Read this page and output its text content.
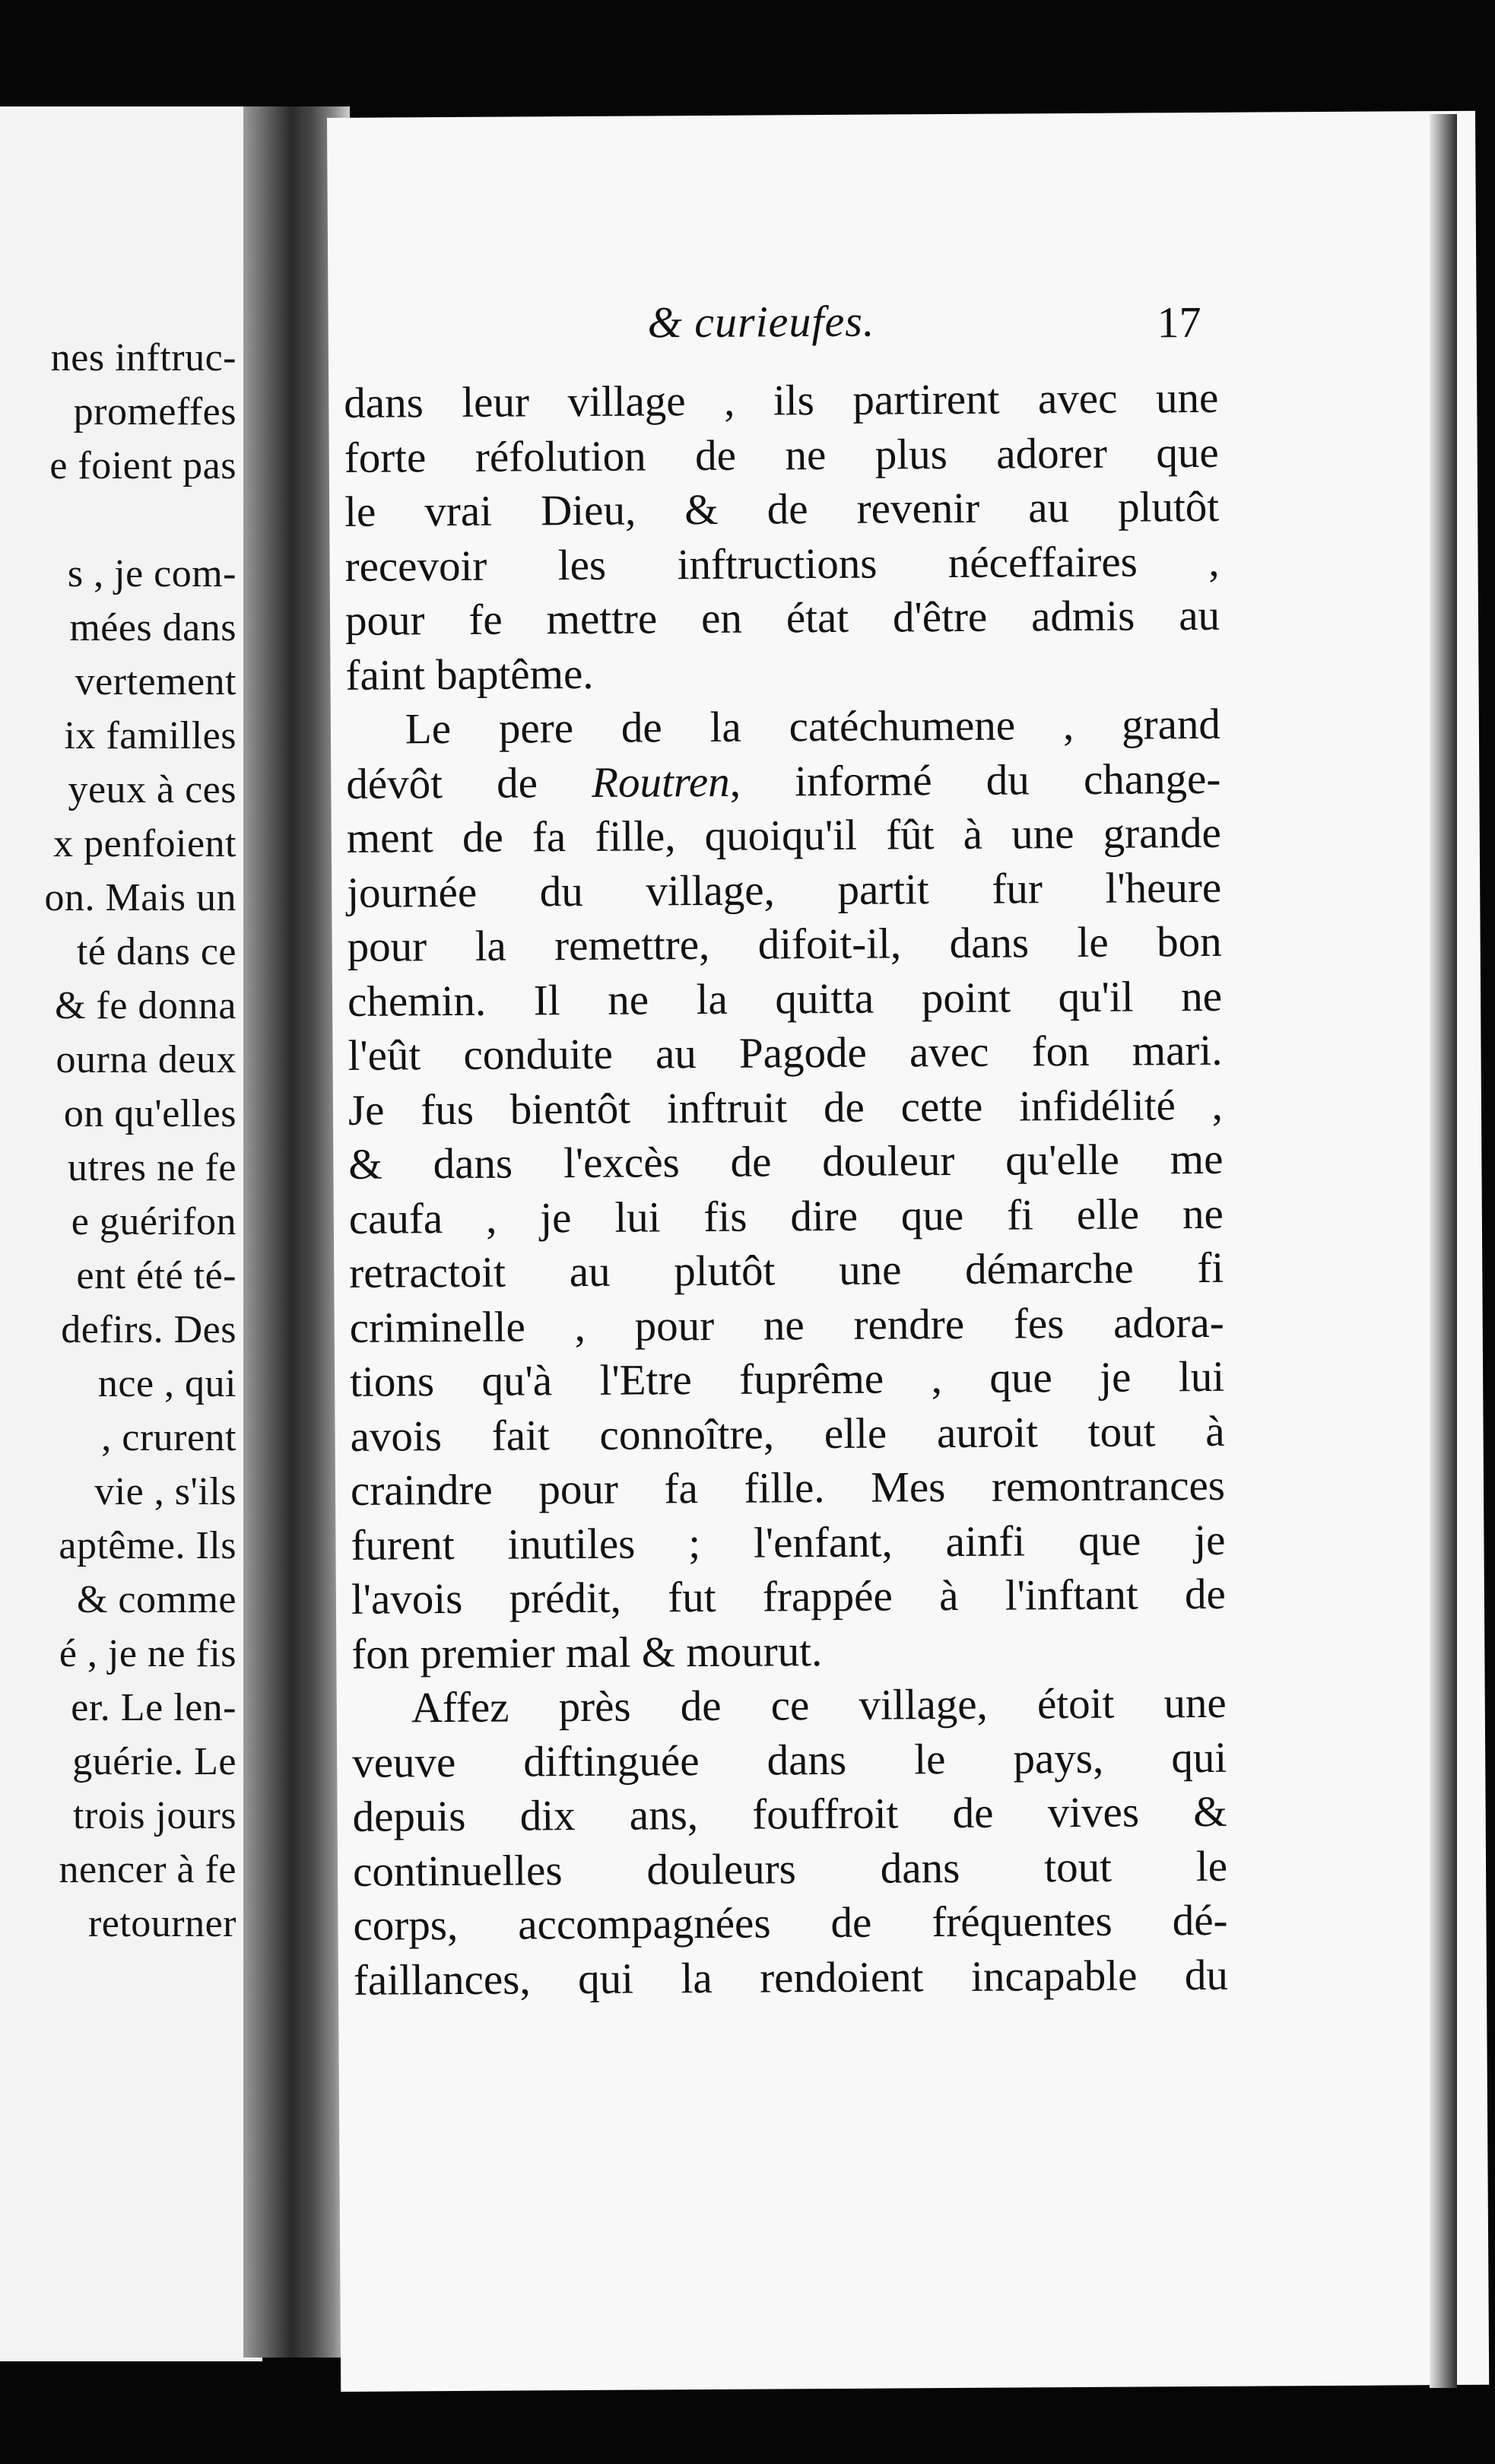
nes inftruc-
promeffes
e foient pas

s , je com-
mées dans
vertement
ix familles
yeux à ces
x penfoient
on. Mais un
té dans ce
& fe donna
ourna deux
on qu'elles
utres ne fe
e guérifon
ent été té-
defirs. Des
nce , qui
, crurent
vie , s'ils
aptême. Ils
& comme
é , je ne fis
er. Le len-
guérie. Le
trois jours
nencer à fe
retourner
& curieufes.	17
dans leur village , ils partirent avec une
forte réfolution de ne plus adorer que
le vrai Dieu, & de revenir au plutôt
recevoir les inftructions néceffaires ,
pour fe mettre en état d'être admis au
faint baptême.
Le pere de la catéchumene , grand
dévôt de Routren, informé du change-
ment de fa fille, quoiqu'il fût à une grande
journée du village, partit fur l'heure
pour la remettre, difoit-il, dans le bon
chemin. Il ne la quitta point qu'il ne
l'eût conduite au Pagode avec fon mari.
Je fus bientôt inftruit de cette infidélité ,
& dans l'excès de douleur qu'elle me
caufa , je lui fis dire que fi elle ne
retractoit au plutôt une démarche fi
criminelle , pour ne rendre fes adora-
tions qu'à l'Etre fuprême , que je lui
avois fait connoître, elle auroit tout à
craindre pour fa fille. Mes remontrances
furent inutiles ; l'enfant, ainfi que je
l'avois prédit, fut frappée à l'inftant de
fon premier mal & mourut.
Affez près de ce village, étoit une
veuve diftinguée dans le pays, qui
depuis dix ans, fouffroit de vives &
continuelles douleurs dans tout le
corps, accompagnées de fréquentes dé-
faillances, qui la rendoient incapable du
